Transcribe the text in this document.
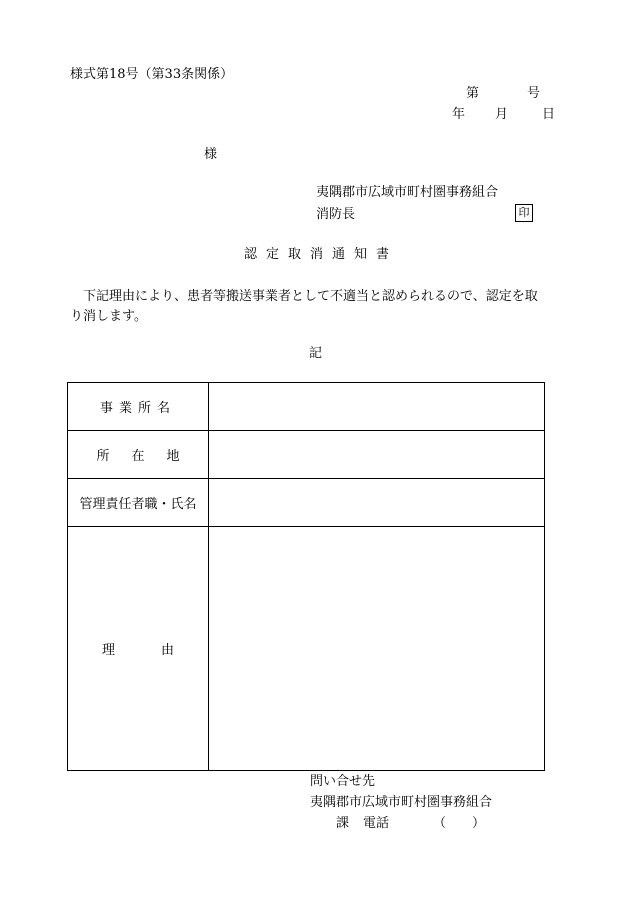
様式第18号（第33条関係）
第	号
年 月	日
様
夷隅郡市広域市町村圏事務組合
消防長	印
認定取消通知書
下記理由により、患者等搬送事業者として不適当と認められるので、認定を取り消します。
記
事業所名	
所 在 地	
管理責任者職・氏名	
理 由	
問い合せ先
夷隅郡市広域市町村圏事務組合
課 電話	（　　）
